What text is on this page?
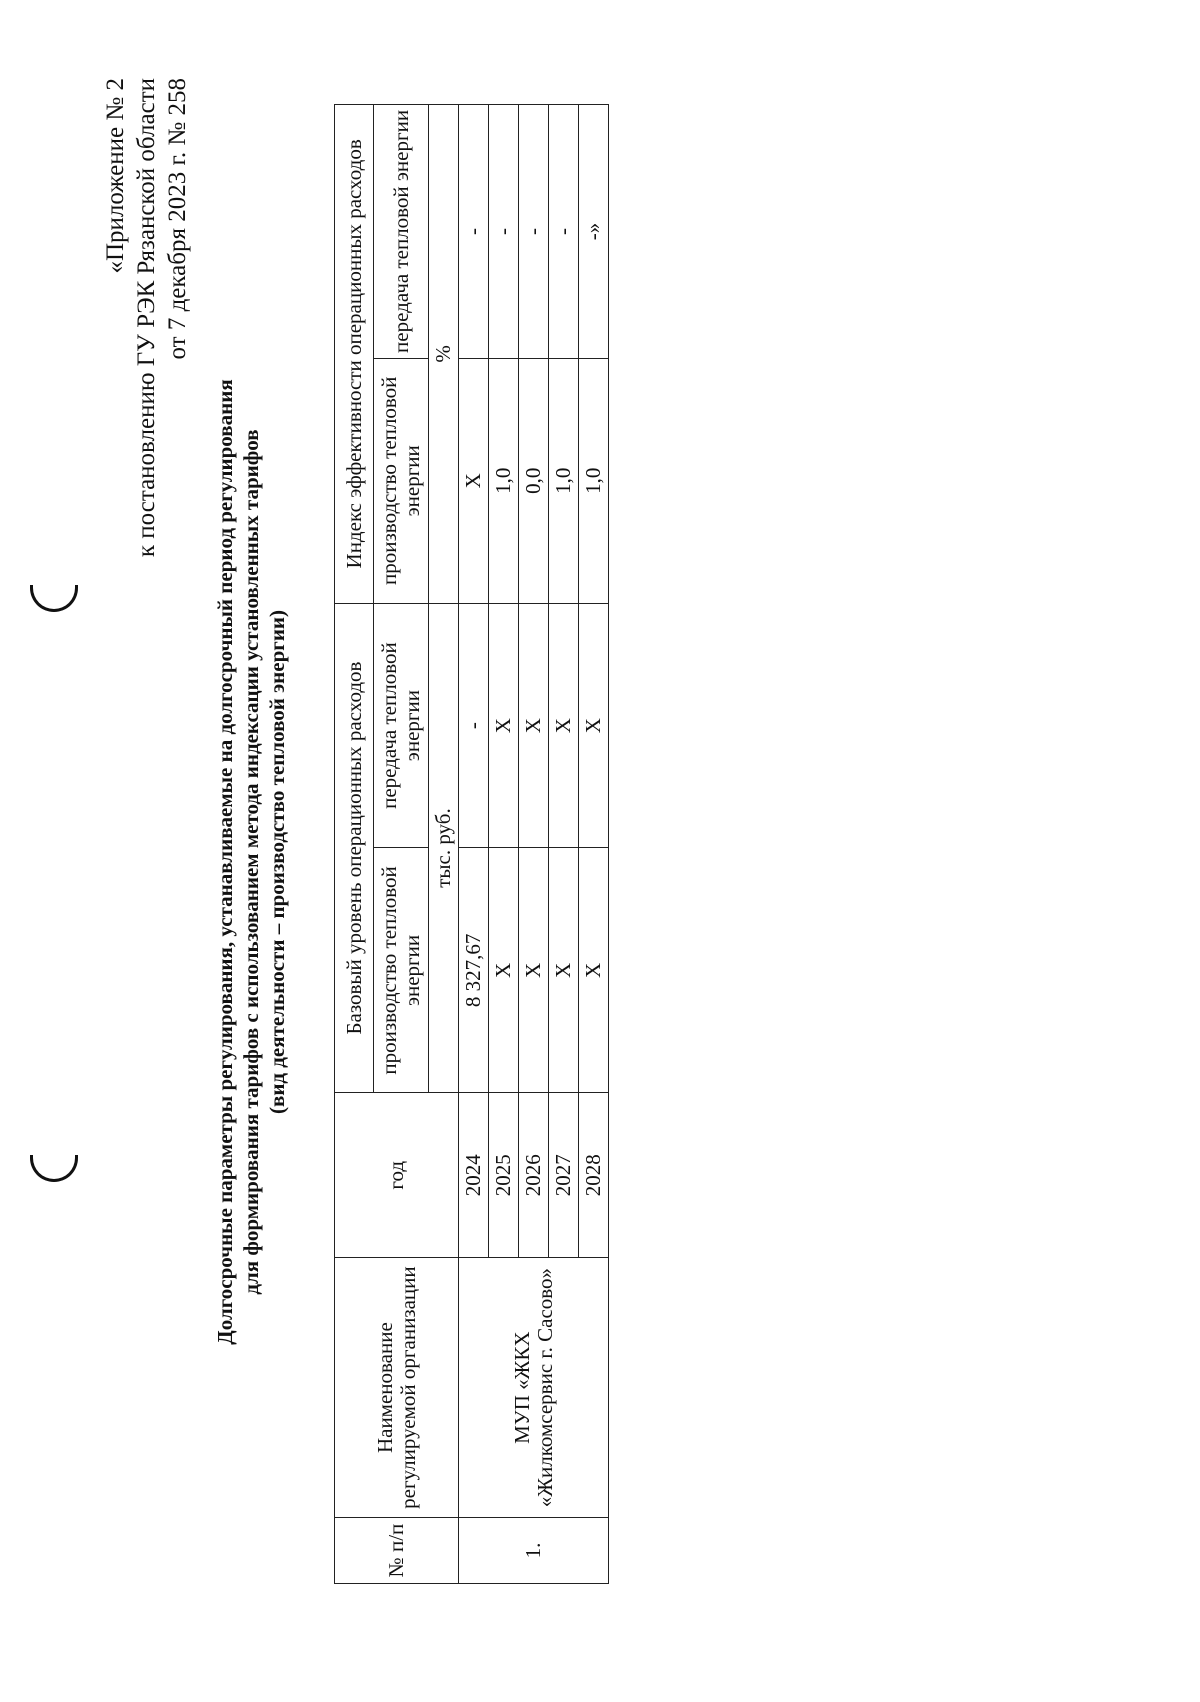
«Приложение № 2 к постановлению ГУ РЭК Рязанской области от 7 декабря 2023 г. № 258
Долгосрочные параметры регулирования, устанавливаемые на долгосрочный период регулирования для формирования тарифов с использованием метода индексации установленных тарифов (вид деятельности – производство тепловой энергии)
№ п/п	Наименование регулируемой организации	год	Базовый уровень операционных расходов		Индекс эффективности операционных расходов	
			производство тепловой энергии	передача тепловой энергии	производство тепловой энергии	передача тепловой энергии
			тыс. руб.		%	
1.	МУП «ЖКХ «Жилкомсервис г. Сасово»	2024	8 327,67	-	X	-
		2025	X	X	1,0	-
		2026	X	X	0,0	-
		2027	X	X	1,0	-
		2028	X	X	1,0	-»
